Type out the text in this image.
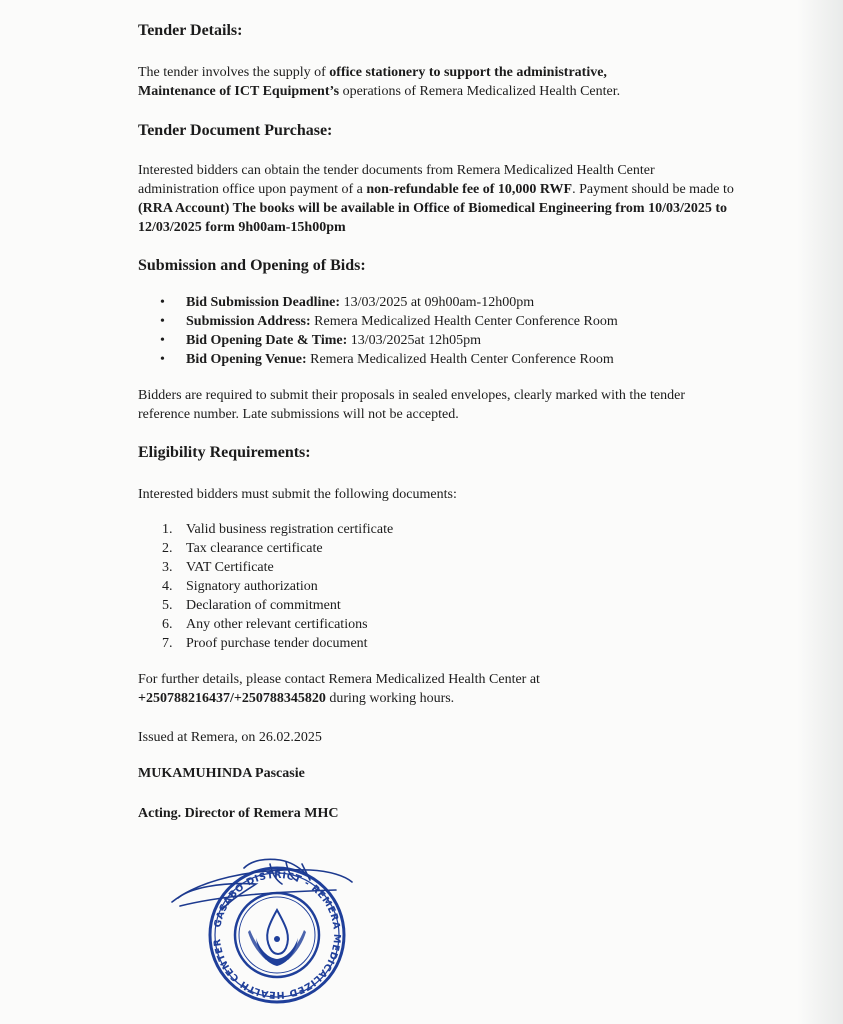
Tender Details:

The tender involves the supply of office stationery to support the administrative,
Maintenance of ICT Equipment’s operations of Remera Medicalized Health Center.

Tender Document Purchase:

Interested bidders can obtain the tender documents from Remera Medicalized Health Center administration office upon payment of a non-refundable fee of 10,000 RWF. Payment should be made to (RRA Account) The books will be available in Office of Biomedical Engineering from 10/03/2025 to 12/03/2025 form 9h00am-15h00pm

Submission and Opening of Bids:
• Bid Submission Deadline: 13/03/2025 at 09h00am-12h00pm
• Submission Address: Remera Medicalized Health Center Conference Room
• Bid Opening Date & Time: 13/03/2025at 12h05pm
• Bid Opening Venue: Remera Medicalized Health Center Conference Room

Bidders are required to submit their proposals in sealed envelopes, clearly marked with the tender reference number. Late submissions will not be accepted.

Eligibility Requirements:

Interested bidders must submit the following documents:

1. Valid business registration certificate
2. Tax clearance certificate
3. VAT Certificate
4. Signatory authorization
5. Declaration of commitment
6. Any other relevant certifications
7. Proof purchase tender document

For further details, please contact Remera Medicalized Health Center at
+250788216437/+250788345820 during working hours.

Issued at Remera, on 26.02.2025

MUKAMUHINDA Pascasie
Acting. Director of Remera MHC
GASABO DISTRICT - REMERA MEDICALIZED HEALTH CENTER
